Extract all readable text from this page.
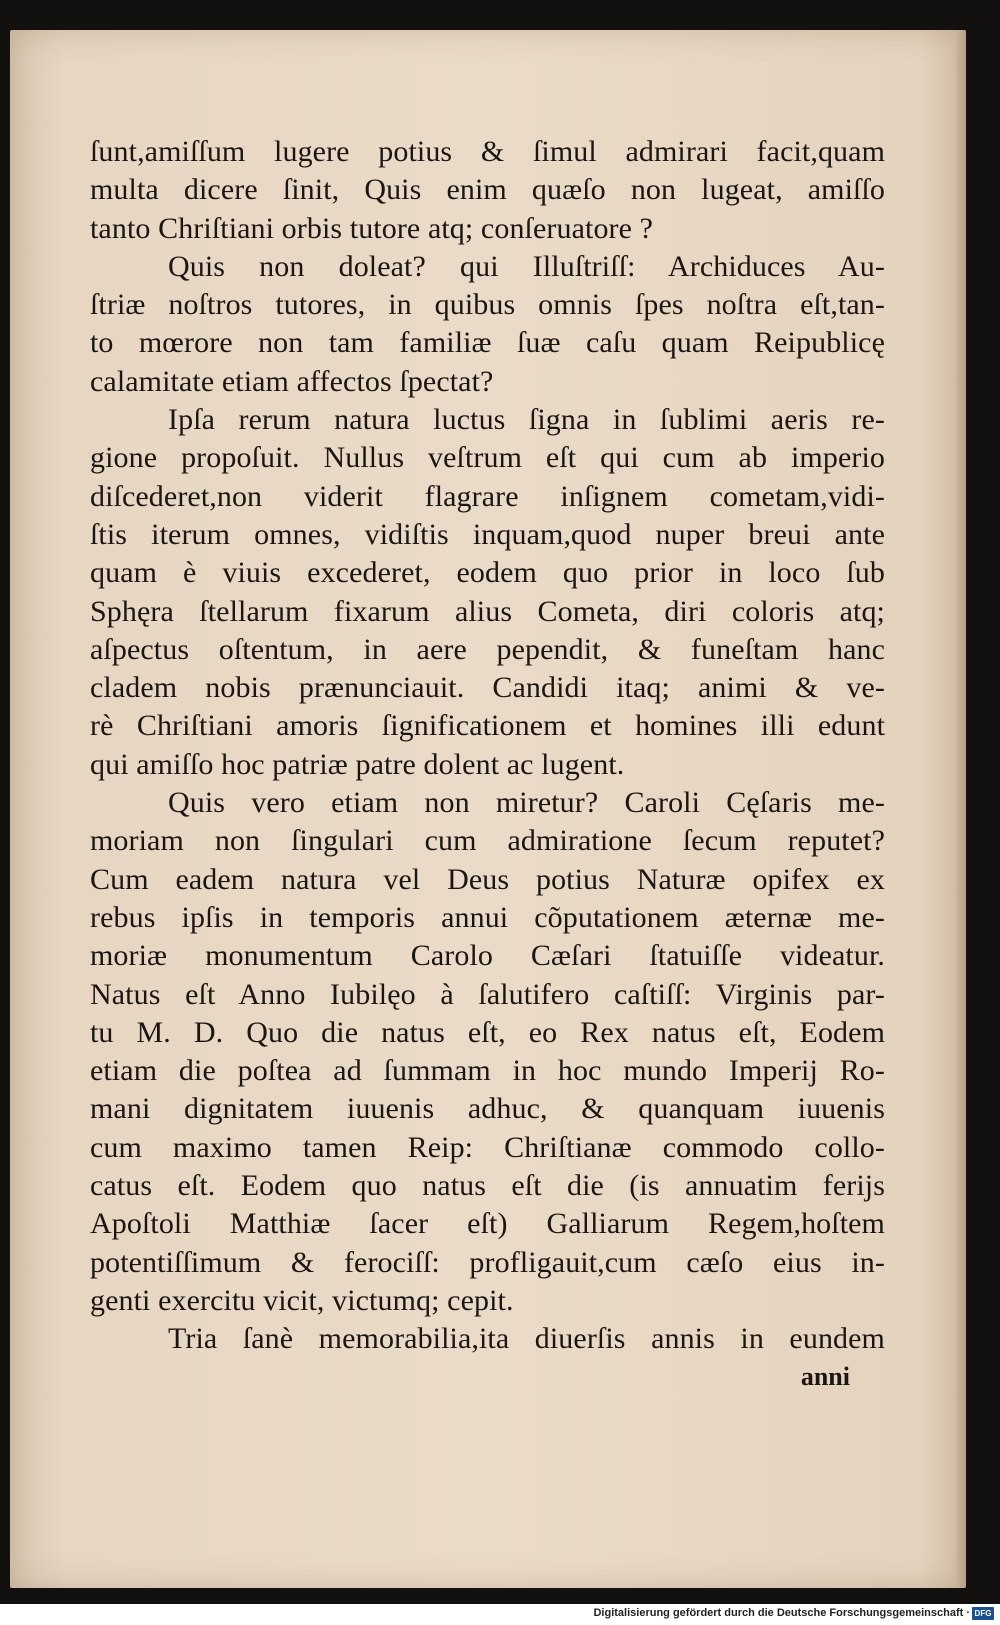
ſunt,amiſſum lugere potius & ſimul admirari facit,quam
multa dicere ſinit, Quis enim quæſo non lugeat, amiſſo
tanto Chriſtiani orbis tutore atq; conſeruatore ?
Quis non doleat? qui Illuſtriſſ: Archiduces Au-
ſtriæ noſtros tutores, in quibus omnis ſpes noſtra eſt,tan-
to mœrore non tam familiæ ſuæ caſu quam Reipublicę
calamitate etiam affectos ſpectat?
Ipſa rerum natura luctus ſigna in ſublimi aeris re-
gione propoſuit. Nullus veſtrum eſt qui cum ab imperio
diſcederet,non viderit flagrare inſignem cometam,vidi-
ſtis iterum omnes, vidiſtis inquam,quod nuper breui ante
quam è viuis excederet, eodem quo prior in loco ſub
Sphęra ſtellarum fixarum alius Cometa, diri coloris atq;
aſpectus oſtentum, in aere pependit, & funeſtam hanc
cladem nobis prænunciauit. Candidi itaq; animi & ve-
rè Chriſtiani amoris ſignificationem et homines illi edunt
qui amiſſo hoc patriæ patre dolent ac lugent.
Quis vero etiam non miretur? Caroli Cęſaris me-
moriam non ſingulari cum admiratione ſecum reputet?
Cum eadem natura vel Deus potius Naturæ opifex ex
rebus ipſis in temporis annui cõputationem æternæ me-
moriæ monumentum Carolo Cæſari ſtatuiſſe videatur.
Natus eſt Anno Iubilęo à ſalutifero caſtiſſ: Virginis par-
tu M. D. Quo die natus eſt, eo Rex natus eſt, Eodem
etiam die poſtea ad ſummam in hoc mundo Imperij Ro-
mani dignitatem iuuenis adhuc, & quanquam iuuenis
cum maximo tamen Reip: Chriſtianæ commodo collo-
catus eſt. Eodem quo natus eſt die (is annuatim ferijs
Apoſtoli Matthiæ ſacer eſt) Galliarum Regem,hoſtem
potentiſſimum & ferociſſ: profligauit,cum cæſo eius in-
genti exercitu vicit, victumq; cepit.
Tria ſanè memorabilia,ita diuerſis annis in eundem
anni
Digitalisierung gefördert durch die Deutsche Forschungsgemeinschaft · DFG
